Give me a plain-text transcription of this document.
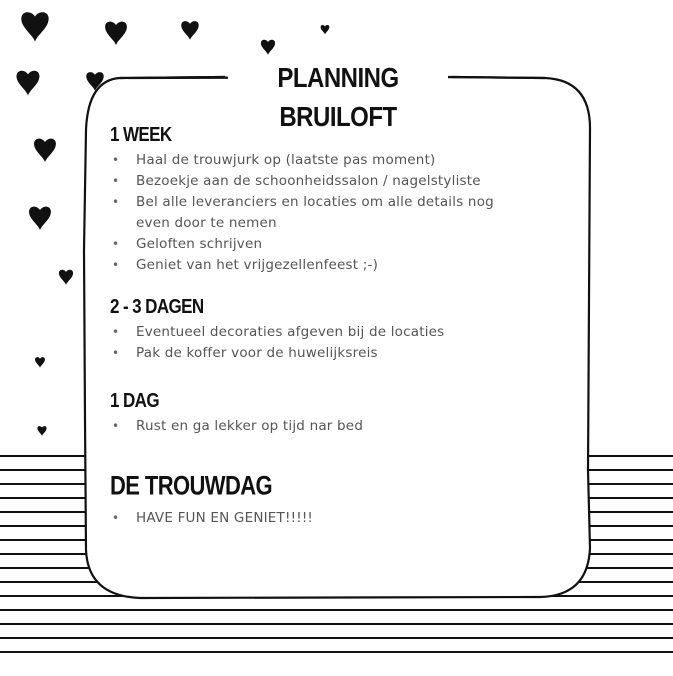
PLANNING BRUILOFT
1 WEEK
• Haal de trouwjurk op (laatste pas moment)
• Bezoekje aan de schoonheidssalon / nagelstyliste
• Bel alle leveranciers en locaties om alle details nog even door te nemen
• Geloften schrijven
• Geniet van het vrijgezellenfeest ;-)
2 - 3 DAGEN
• Eventueel decoraties afgeven bij de locaties
• Pak de koffer voor de huwelijksreis
1 DAG
• Rust en ga lekker op tijd nar bed
DE TROUWDAG
• HAVE FUN EN GENIET!!!!!
